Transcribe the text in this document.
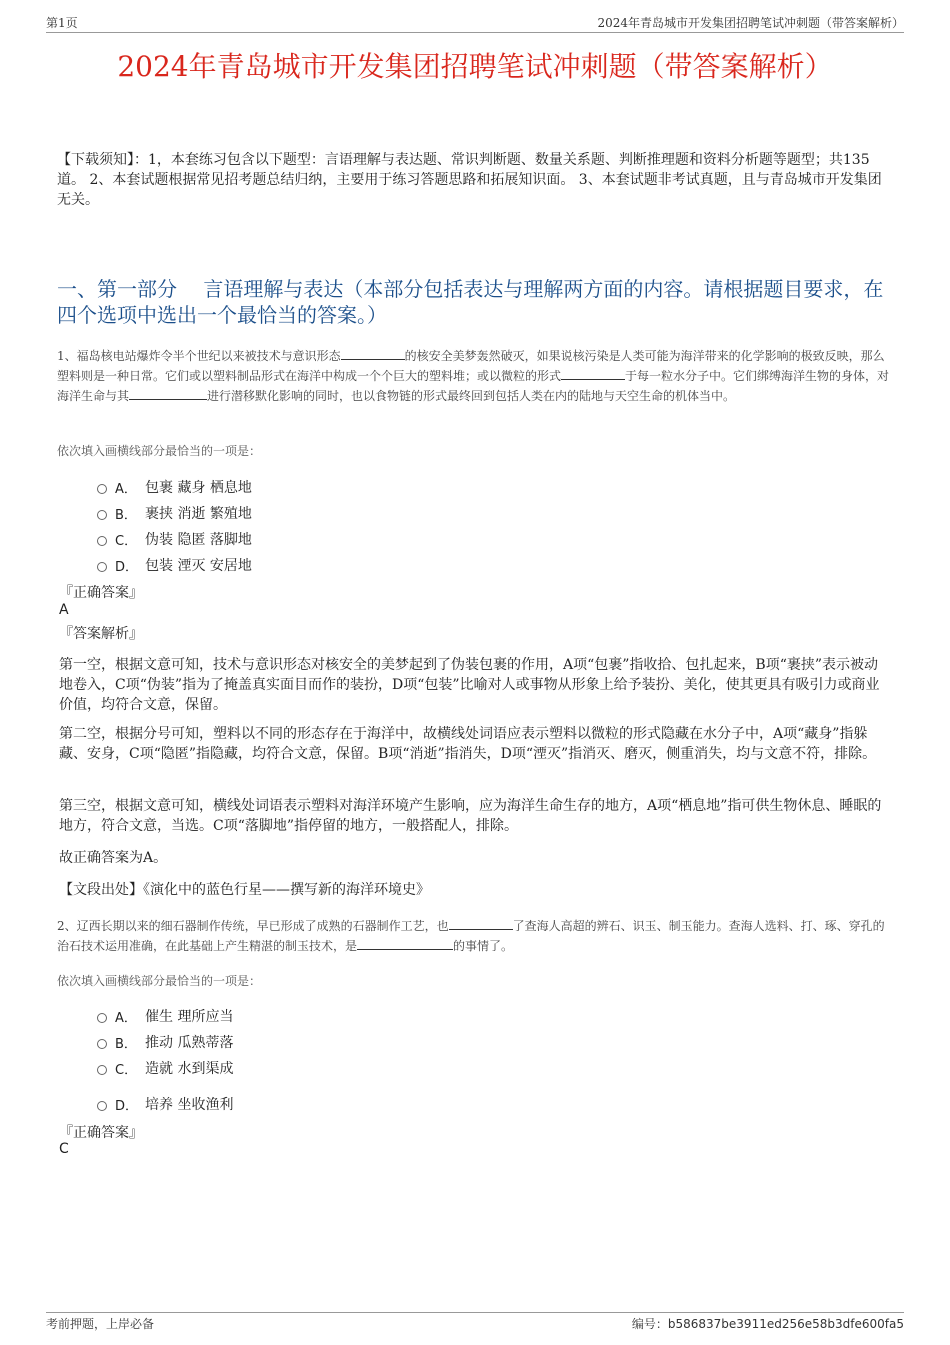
第1页	2024年青岛城市开发集团招聘笔试冲刺题（带答案解析）
2024年青岛城市开发集团招聘笔试冲刺题（带答案解析）
【下载须知】：1，本套练习包含以下题型：言语理解与表达题、常识判断题、数量关系题、判断推理题和资料分析题等题型；共135道。 2、本套试题根据常见招考题总结归纳，主要用于练习答题思路和拓展知识面。 3、本套试题非考试真题，且与青岛城市开发集团无关。
一、第一部分　 言语理解与表达（本部分包括表达与理解两方面的内容。请根据题目要求，在四个选项中选出一个最恰当的答案。）
1、福岛核电站爆炸令半个世纪以来被技术与意识形态	的核安全美梦轰然破灭，如果说核污染是人类可能为海洋带来的化学影响的极致反映，那么塑料则是一种日常。它们或以塑料制品形式在海洋中构成一个个巨大的塑料堆；或以微粒的形式	于每一粒水分子中。它们绑缚海洋生物的身体，对海洋生命与其	进行潜移默化影响的同时，也以食物链的形式最终回到包括人类在内的陆地与天空生命的机体当中。
依次填入画横线部分最恰当的一项是：
A． 包裹 藏身 栖息地
B． 裹挟 消逝 繁殖地
C． 伪装 隐匿 落脚地
D． 包装 湮灭 安居地
『正确答案』
A
『答案解析』
第一空，根据文意可知，技术与意识形态对核安全的美梦起到了伪装包裹的作用，A项“包裹”指收拾、包扎起来，B项“裹挟”表示被动地卷入，C项“伪装”指为了掩盖真实面目而作的装扮，D项“包装”比喻对人或事物从形象上给予装扮、美化，使其更具有吸引力或商业价值，均符合文意，保留。
第二空，根据分号可知，塑料以不同的形态存在于海洋中，故横线处词语应表示塑料以微粒的形式隐藏在水分子中，A项“藏身”指躲藏、安身，C项“隐匿”指隐藏，均符合文意，保留。B项“消逝”指消失，D项“湮灭”指消灭、磨灭，侧重消失，均与文意不符，排除。
第三空，根据文意可知，横线处词语表示塑料对海洋环境产生影响，应为海洋生命生存的地方，A项“栖息地”指可供生物休息、睡眠的地方，符合文意，当选。C项“落脚地”指停留的地方，一般搭配人，排除。
故正确答案为A。
【文段出处】《演化中的蓝色行星——撰写新的海洋环境史》
2、辽西长期以来的细石器制作传统，早已形成了成熟的石器制作工艺，也	了查海人高超的辨石、识玉、制玉能力。查海人选料、打、琢、穿孔的治石技术运用准确，在此基础上产生精湛的制玉技术，是	的事情了。
依次填入画横线部分最恰当的一项是：
A． 催生 理所应当
B． 推动 瓜熟蒂落
C． 造就 水到渠成
D． 培养 坐收渔利
『正确答案』
C
考前押题，上岸必备	编号：b586837be3911ed256e58b3dfe600fa5
